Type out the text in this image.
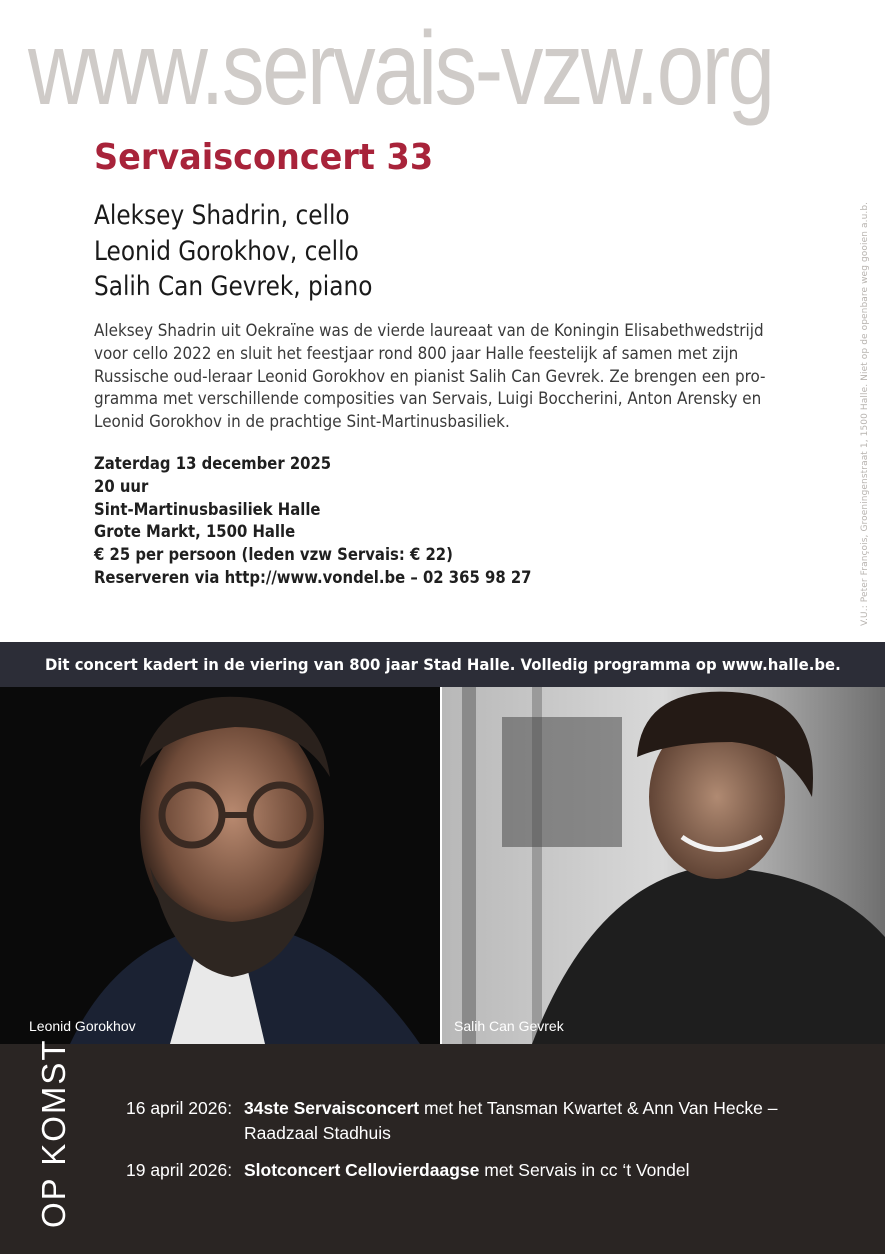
www.servais-vzw.org
Servaisconcert 33
Aleksey Shadrin, cello
Leonid Gorokhov, cello
Salih Can Gevrek, piano
Aleksey Shadrin uit Oekraïne was de vierde laureaat van de Koningin Elisabethwedstrijd
voor cello 2022 en sluit het feestjaar rond 800 jaar Halle feestelijk af samen met zijn
Russische oud-leraar Leonid Gorokhov en pianist Salih Can Gevrek. Ze brengen een pro-
gramma met verschillende composities van Servais, Luigi Boccherini, Anton Arensky en
Leonid Gorokhov in de prachtige Sint-Martinusbasiliek.
Zaterdag 13 december 2025
20 uur
Sint-Martinusbasiliek Halle
Grote Markt, 1500 Halle
€ 25 per persoon (leden vzw Servais: € 22)
Reserveren via http://www.vondel.be – 02 365 98 27	V.U.: Peter François, Groeningenstraat 1, 1500 Halle. Niet op de openbare weg gooien a.u.b.
Dit concert kadert in de viering van 800 jaar Stad Halle. Volledig programma op www.halle.be.
Leonid Gorokhov	Salih Can Gevrek
OP KOMST	16 april 2026: 34ste Servaisconcert met het Tansman Kwartet & Ann Van Hecke –
Raadzaal Stadhuis
19 april 2026: Slotconcert Cellovierdaagse met Servais in cc ‘t Vondel
